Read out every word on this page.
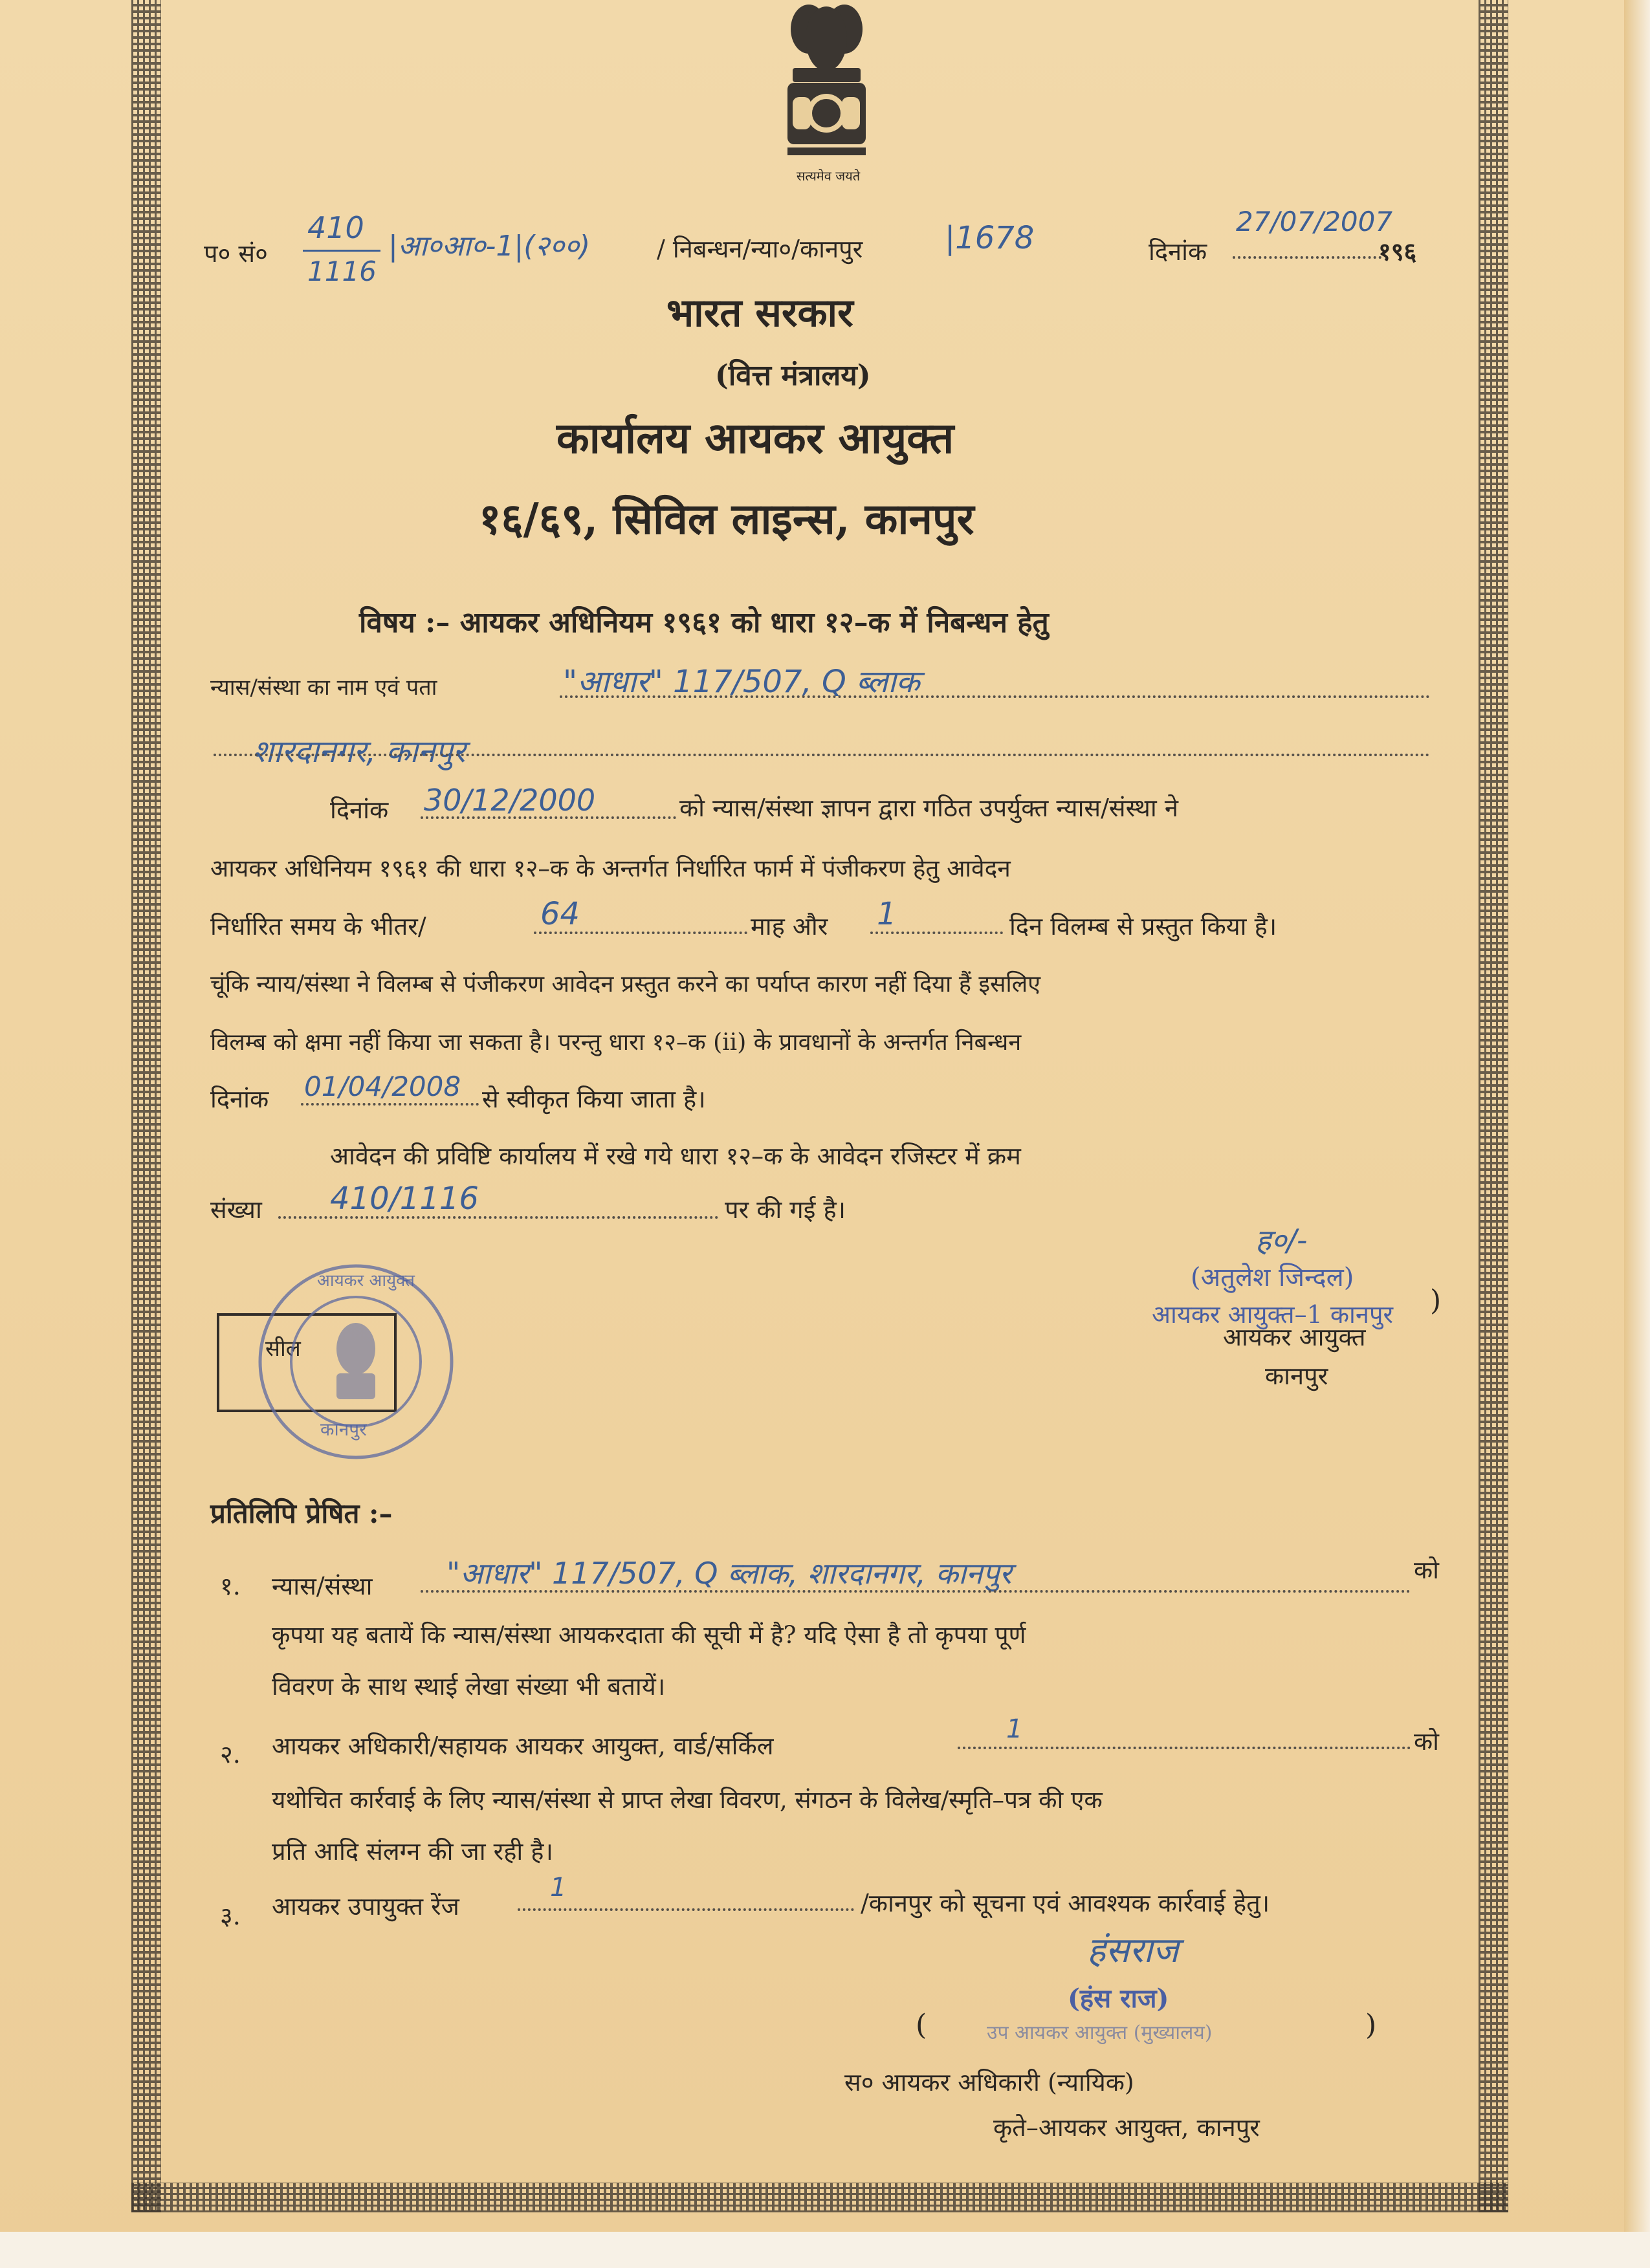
सत्यमेव जयते
प० सं०
410
1116
|आ०आ०-1|(२००)	/ निबन्धन/न्या०/कानपुर	|1678	दिनांक
27/07/2007
१९६
भारत सरकार
(वित्त मंत्रालय)
कार्यालय आयकर आयुक्त
१६/६९, सिविल लाइन्स, कानपुर
विषय :– आयकर अधिनियम १९६१ को धारा १२–क में निबन्धन हेतु
न्यास/संस्था का नाम एवं पता	"आधार" 117/507, Q ब्लाक
शारदानगर, कानपुर
दिनांक 30/12/2000	को न्यास/संस्था ज्ञापन द्वारा गठित उपर्युक्त न्यास/संस्था ने
आयकर अधिनियम १९६१ की धारा १२–क के अन्तर्गत निर्धारित फार्म में पंजीकरण हेतु आवेदन
निर्धारित समय के भीतर/	64	माह और 1	दिन विलम्ब से प्रस्तुत किया है।
चूंकि न्याय/संस्था ने विलम्ब से पंजीकरण आवेदन प्रस्तुत करने का पर्याप्त कारण नहीं दिया हैं इसलिए
विलम्ब को क्षमा नहीं किया जा सकता है। परन्तु धारा १२–क (ii) के प्रावधानों के अन्तर्गत निबन्धन
दिनांक 01/04/2008 से स्वीकृत किया जाता है।
आवेदन की प्रविष्टि कार्यालय में रखे गये धारा १२–क के आवेदन रजिस्टर में क्रम
संख्या 410/1116	पर की गई है।
ह०/-
(अतुलेश जिन्दल)
आयकर आयुक्त–1 कानपुर )
आयकर आयुक्त
कानपुर
सील
आयकर आयुक्त
कानपुर
प्रतिलिपि प्रेषित :–
१. न्यास/संस्था "आधार" 117/507, Q ब्लाक, शारदानगर, कानपुर	को
कृपया यह बतायें कि न्यास/संस्था आयकरदाता की सूची में है? यदि ऐसा है तो कृपया पूर्ण
विवरण के साथ स्थाई लेखा संख्या भी बतायें।
२. आयकर अधिकारी/सहायक आयकर आयुक्त, वार्ड/सर्किल
1	को
यथोचित कार्रवाई के लिए न्यास/संस्था से प्राप्त लेखा विवरण, संगठन के विलेख/स्मृति–पत्र की एक
प्रति आदि संलग्न की जा रही है।
३. आयकर उपायुक्त रेंज
1
/कानपुर को सूचना एवं आवश्यक कार्रवाई हेतु।
हंसराज
(हंस राज)
(	उप आयकर आयुक्त (मुख्यालय)	)
स० आयकर अधिकारी (न्यायिक)
कृते–आयकर आयुक्त, कानपुर
